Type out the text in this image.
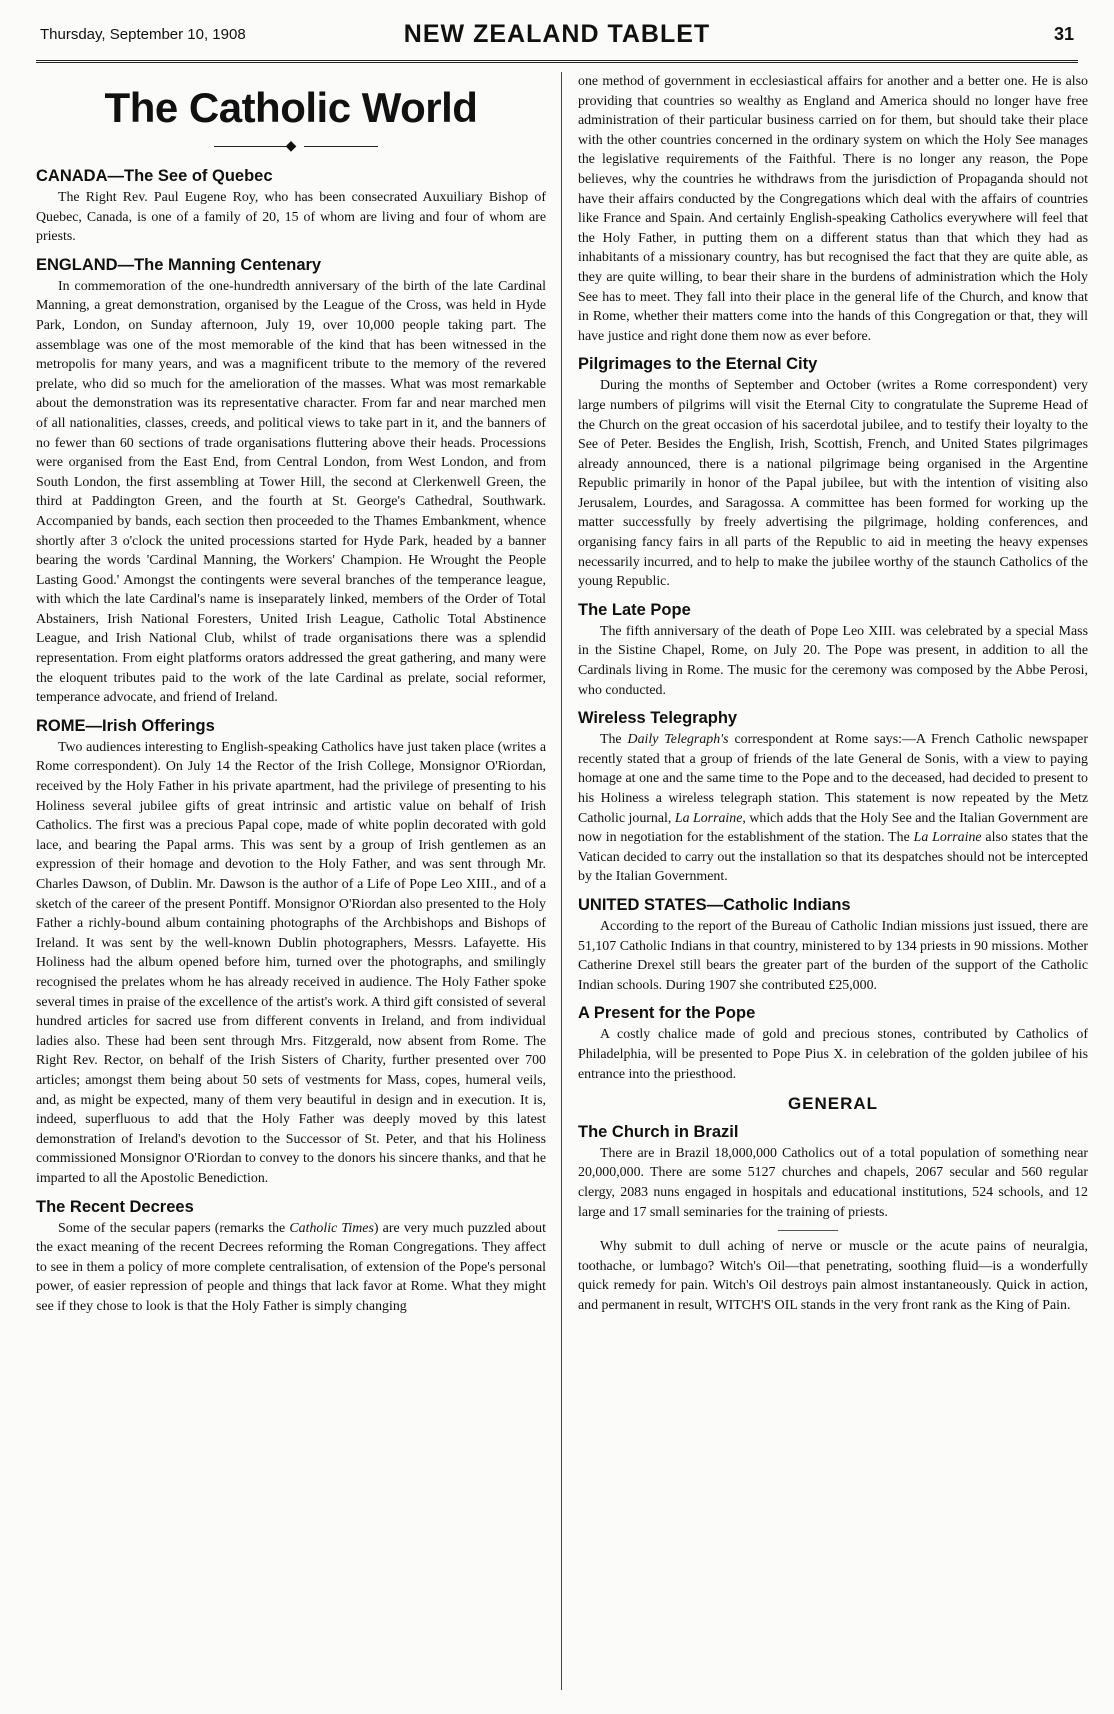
Thursday, September 10, 1908	NEW ZEALAND TABLET	31
The Catholic World
◆
CANADA—The See of Quebec

The Right Rev. Paul Eugene Roy, who has been consecrated Auxuiliary Bishop of Quebec, Canada, is one of a family of 20, 15 of whom are living and four of whom are priests.

ENGLAND—The Manning Centenary

In commemoration of the one-hundredth anniversary of the birth of the late Cardinal Manning, a great demonstration, organised by the League of the Cross, was held in Hyde Park, London, on Sunday afternoon, July 19, over 10,000 people taking part. The assemblage was one of the most memorable of the kind that has been witnessed in the metropolis for many years, and was a magnificent tribute to the memory of the revered prelate, who did so much for the amelioration of the masses. What was most remarkable about the demonstration was its representative character. From far and near marched men of all nationalities, classes, creeds, and political views to take part in it, and the banners of no fewer than 60 sections of trade organisations fluttering above their heads. Processions were organised from the East End, from Central London, from West London, and from South London, the first assembling at Tower Hill, the second at Clerkenwell Green, the third at Paddington Green, and the fourth at St. George's Cathedral, Southwark. Accompanied by bands, each section then proceeded to the Thames Embankment, whence shortly after 3 o'clock the united processions started for Hyde Park, headed by a banner bearing the words 'Cardinal Manning, the Workers' Champion. He Wrought the People Lasting Good.' Amongst the contingents were several branches of the temperance league, with which the late Cardinal's name is inseparately linked, members of the Order of Total Abstainers, Irish National Foresters, United Irish League, Catholic Total Abstinence League, and Irish National Club, whilst of trade organisations there was a splendid representation. From eight platforms orators addressed the great gathering, and many were the eloquent tributes paid to the work of the late Cardinal as prelate, social reformer, temperance advocate, and friend of Ireland.

ROME—Irish Offerings

Two audiences interesting to English-speaking Catholics have just taken place (writes a Rome correspondent). On July 14 the Rector of the Irish College, Monsignor O'Riordan, received by the Holy Father in his private apartment, had the privilege of presenting to his Holiness several jubilee gifts of great intrinsic and artistic value on behalf of Irish Catholics. The first was a precious Papal cope, made of white poplin decorated with gold lace, and bearing the Papal arms. This was sent by a group of Irish gentlemen as an expression of their homage and devotion to the Holy Father, and was sent through Mr. Charles Dawson, of Dublin. Mr. Dawson is the author of a Life of Pope Leo XIII., and of a sketch of the career of the present Pontiff. Monsignor O'Riordan also presented to the Holy Father a richly-bound album containing photographs of the Archbishops and Bishops of Ireland. It was sent by the well-known Dublin photographers, Messrs. Lafayette. His Holiness had the album opened before him, turned over the photographs, and smilingly recognised the prelates whom he has already received in audience. The Holy Father spoke several times in praise of the excellence of the artist's work. A third gift consisted of several hundred articles for sacred use from different convents in Ireland, and from individual ladies also. These had been sent through Mrs. Fitzgerald, now absent from Rome. The Right Rev. Rector, on behalf of the Irish Sisters of Charity, further presented over 700 articles; amongst them being about 50 sets of vestments for Mass, copes, humeral veils, and, as might be expected, many of them very beautiful in design and in execution. It is, indeed, superfluous to add that the Holy Father was deeply moved by this latest demonstration of Ireland's devotion to the Successor of St. Peter, and that his Holiness commissioned Monsignor O'Riordan to convey to the donors his sincere thanks, and that he imparted to all the Apostolic Benediction.

The Recent Decrees

Some of the secular papers (remarks the Catholic Times) are very much puzzled about the exact meaning of the recent Decrees reforming the Roman Congregations. They affect to see in them a policy of more complete centralisation, of extension of the Pope's personal power, of easier repression of people and things that lack favor at Rome. What they might see if they chose to look is that the Holy Father is simply changing

one method of government in ecclesiastical affairs for another and a better one. He is also providing that countries so wealthy as England and America should no longer have free administration of their particular business carried on for them, but should take their place with the other countries concerned in the ordinary system on which the Holy See manages the legislative requirements of the Faithful. There is no longer any reason, the Pope believes, why the countries he withdraws from the jurisdiction of Propaganda should not have their affairs conducted by the Congregations which deal with the affairs of countries like France and Spain. And certainly English-speaking Catholics everywhere will feel that the Holy Father, in putting them on a different status than that which they had as inhabitants of a missionary country, has but recognised the fact that they are quite able, as they are quite willing, to bear their share in the burdens of administration which the Holy See has to meet. They fall into their place in the general life of the Church, and know that in Rome, whether their matters come into the hands of this Congregation or that, they will have justice and right done them now as ever before.

Pilgrimages to the Eternal City

During the months of September and October (writes a Rome correspondent) very large numbers of pilgrims will visit the Eternal City to congratulate the Supreme Head of the Church on the great occasion of his sacerdotal jubilee, and to testify their loyalty to the See of Peter. Besides the English, Irish, Scottish, French, and United States pilgrimages already announced, there is a national pilgrimage being organised in the Argentine Republic primarily in honor of the Papal jubilee, but with the intention of visiting also Jerusalem, Lourdes, and Saragossa. A committee has been formed for working up the matter successfully by freely advertising the pilgrimage, holding conferences, and organising fancy fairs in all parts of the Republic to aid in meeting the heavy expenses necessarily incurred, and to help to make the jubilee worthy of the staunch Catholics of the young Republic.

The Late Pope

The fifth anniversary of the death of Pope Leo XIII. was celebrated by a special Mass in the Sistine Chapel, Rome, on July 20. The Pope was present, in addition to all the Cardinals living in Rome. The music for the ceremony was composed by the Abbe Perosi, who conducted.

Wireless Telegraphy

The Daily Telegraph's correspondent at Rome says:—A French Catholic newspaper recently stated that a group of friends of the late General de Sonis, with a view to paying homage at one and the same time to the Pope and to the deceased, had decided to present to his Holiness a wireless telegraph station. This statement is now repeated by the Metz Catholic journal, La Lorraine, which adds that the Holy See and the Italian Government are now in negotiation for the establishment of the station. The La Lorraine also states that the Vatican decided to carry out the installation so that its despatches should not be intercepted by the Italian Government.

UNITED STATES—Catholic Indians

According to the report of the Bureau of Catholic Indian missions just issued, there are 51,107 Catholic Indians in that country, ministered to by 134 priests in 90 missions. Mother Catherine Drexel still bears the greater part of the burden of the support of the Catholic Indian schools. During 1907 she contributed £25,000.

A Present for the Pope

A costly chalice made of gold and precious stones, contributed by Catholics of Philadelphia, will be presented to Pope Pius X. in celebration of the golden jubilee of his entrance into the priesthood.

GENERAL
The Church in Brazil

There are in Brazil 18,000,000 Catholics out of a total population of something near 20,000,000. There are some 5127 churches and chapels, 2067 secular and 560 regular clergy, 2083 nuns engaged in hospitals and educational institutions, 524 schools, and 12 large and 17 small seminaries for the training of priests.

Why submit to dull aching of nerve or muscle or the acute pains of neuralgia, toothache, or lumbago? Witch's Oil—that penetrating, soothing fluid—is a wonderfully quick remedy for pain. Witch's Oil destroys pain almost instantaneously. Quick in action, and permanent in result, WITCH'S OIL stands in the very front rank as the King of Pain.
